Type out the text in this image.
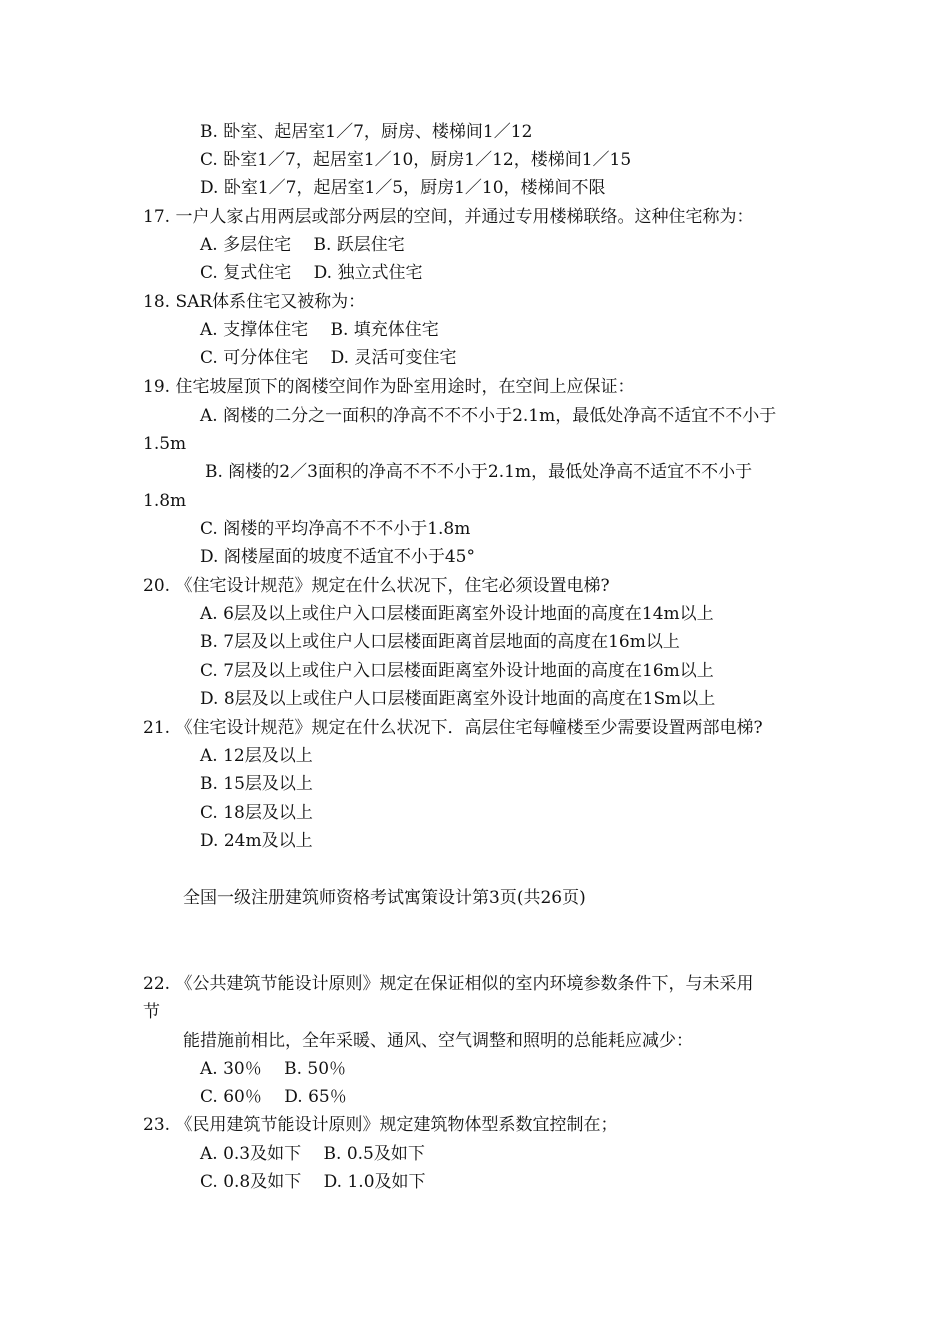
B. 卧室、起居室1／7，厨房、楼梯间1／12
C. 卧室1／7，起居室1／10，厨房1／12，楼梯间1／15
D. 卧室1／7，起居室1／5，厨房1／10，楼梯间不限
17. 一户人家占用两层或部分两层的空间，并通过专用楼梯联络。这种住宅称为：
A. 多层住宅　 B. 跃层住宅
C. 复式住宅　 D. 独立式住宅
18. SAR体系住宅又被称为：
A. 支撑体住宅　 B. 填充体住宅
C. 可分体住宅　 D. 灵活可变住宅
19. 住宅坡屋顶下的阁楼空间作为卧室用途时，在空间上应保证：
A. 阁楼的二分之一面积的净高不不不小于2.1m，最低处净高不适宜不不小于
1.5m
B. 阁楼的2／3面积的净高不不不小于2.1m，最低处净高不适宜不不小于
1.8m
C. 阁楼的平均净高不不不小于1.8m
D. 阁楼屋面的坡度不适宜不小于45°
20. 《住宅设计规范》规定在什么状况下，住宅必须设置电梯?
A. 6层及以上或住户入口层楼面距离室外设计地面的高度在14m以上
B. 7层及以上或住户人口层楼面距离首层地面的高度在16m以上
C. 7层及以上或住户入口层楼面距离室外设计地面的高度在16m以上
D. 8层及以上或住户人口层楼面距离室外设计地面的高度在1Sm以上
21. 《住宅设计规范》规定在什么状况下．高层住宅每幢楼至少需要设置两部电梯?
A. 12层及以上
B. 15层及以上
C. 18层及以上
D. 24m及以上
全国一级注册建筑师资格考试寓策设计第3页(共26页)
22. 《公共建筑节能设计原则》规定在保证相似的室内环境参数条件下，与未采用
节
能措施前相比，全年采暖、通风、空气调整和照明的总能耗应减少：
A. 30％　 B. 50％
C. 60％　 D. 65％
23. 《民用建筑节能设计原则》规定建筑物体型系数宜控制在；
A. 0.3及如下　 B. 0.5及如下
C. 0.8及如下　 D. 1.0及如下
